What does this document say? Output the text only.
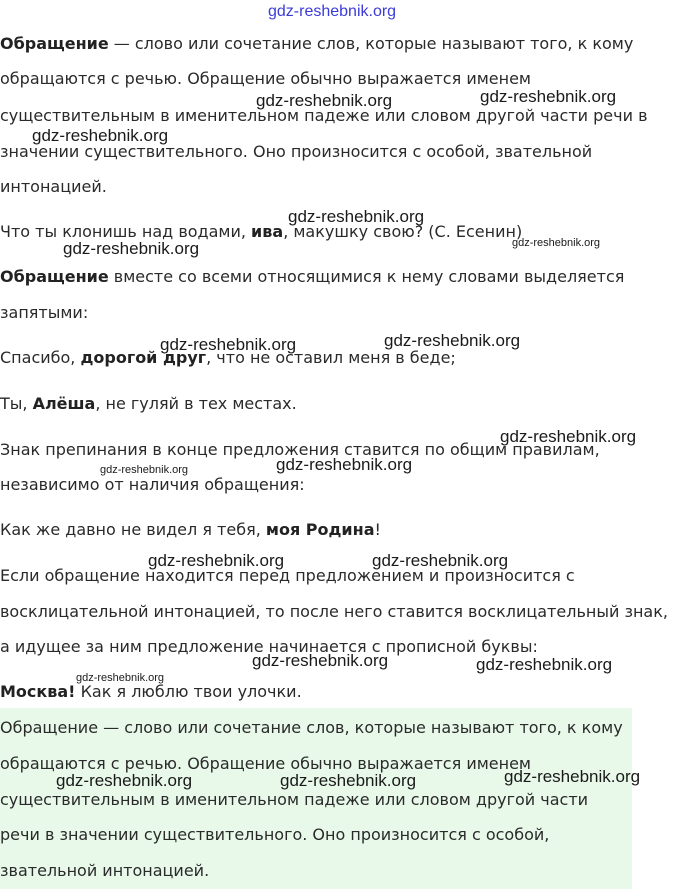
Обращение — слово или сочетание слов, которые называют того, к кому
обращаются с речью. Обращение обычно выражается именем
существительным в именительном падеже или словом другой части речи в
значении существительного. Оно произносится с особой, звательной
интонацией.
Что ты клонишь над водами, ива, макушку свою? (С. Есенин)
Обращение вместе со всеми относящимися к нему словами выделяется
запятыми:
Спасибо, дорогой друг, что не оставил меня в беде;
Ты, Алёша, не гуляй в тех местах.
Знак препинания в конце предложения ставится по общим правилам,
независимо от наличия обращения:
Как же давно не видел я тебя, моя Родина!
Если обращение находится перед предложением и произносится с
восклицательной интонацией, то после него ставится восклицательный знак,
а идущее за ним предложение начинается с прописной буквы:
Москва! Как я люблю твои улочки.
Обращение — слово или сочетание слов, которые называют того, к кому
обращаются с речью. Обращение обычно выражается именем
существительным в именительном падеже или словом другой части
речи в значении существительного. Оно произносится с особой,
звательной интонацией.
gdz-reshebnik.org
gdz-reshebnik.org	gdz-reshebnik.org
gdz-reshebnik.org
gdz-reshebnik.org
gdz-reshebnik.org	gdz-reshebnik.org
gdz-reshebnik.org	gdz-reshebnik.org
gdz-reshebnik.org
gdz-reshebnik.org	gdz-reshebnik.org
gdz-reshebnik.org	gdz-reshebnik.org
gdz-reshebnik.org	gdz-reshebnik.org
gdz-reshebnik.org
gdz-reshebnik.org	gdz-reshebnik.org	gdz-reshebnik.org
